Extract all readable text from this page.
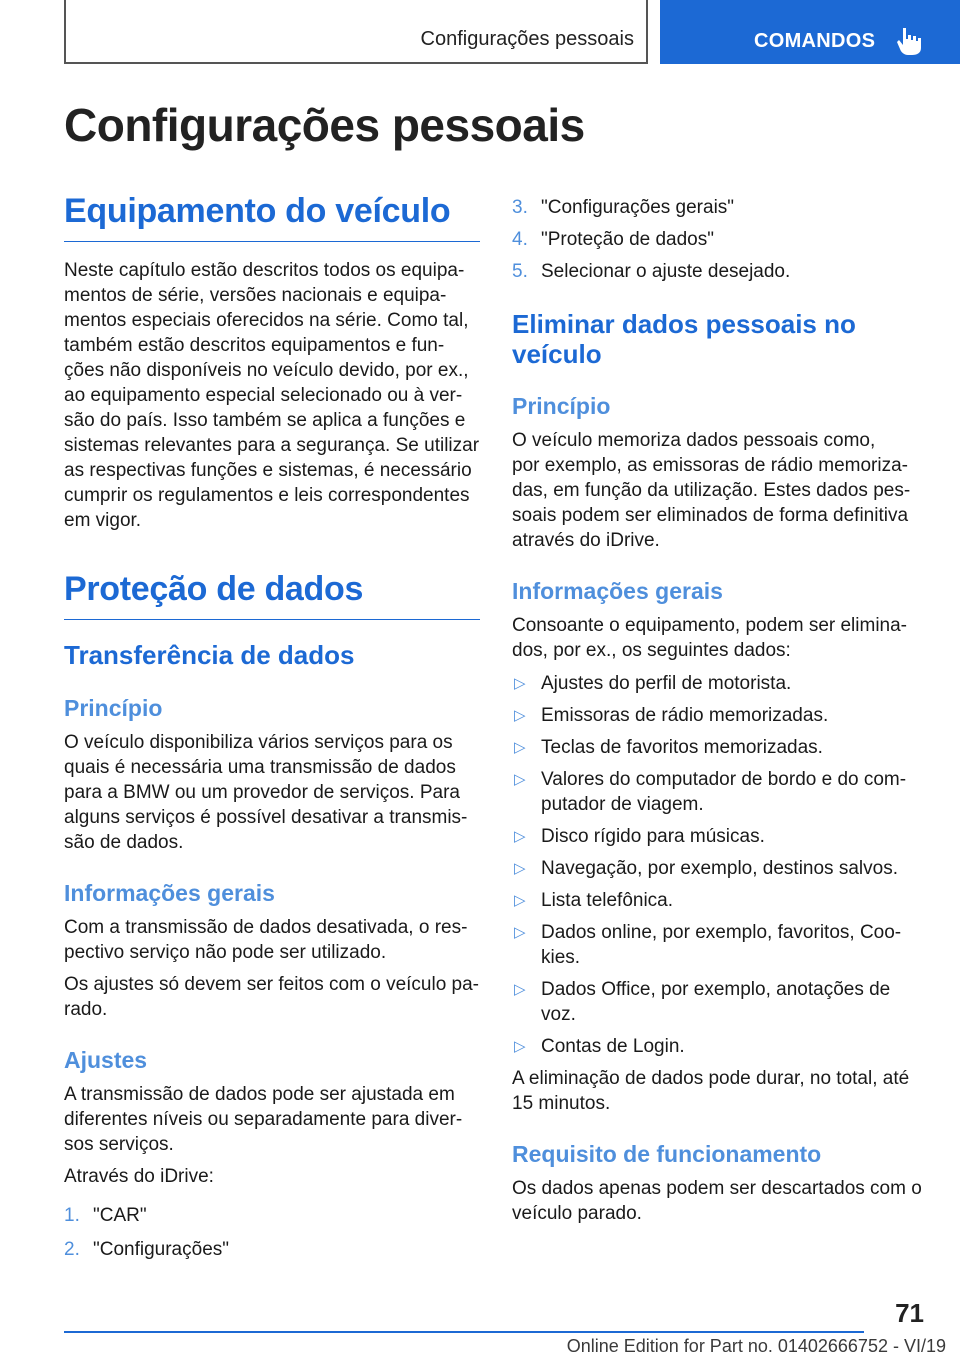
Configurações pessoais	COMANDOS
Configurações pessoais
Equipamento do veículo

Neste capítulo estão descritos todos os equipa-

mentos de série, versões nacionais e equipa-

mentos especiais oferecidos na série. Como tal,

também estão descritos equipamentos e fun-

ções não disponíveis no veículo devido, por ex.,

ao equipamento especial selecionado ou à ver-

são do país. Isso também se aplica a funções e

sistemas relevantes para a segurança. Se utilizar

as respectivas funções e sistemas, é necessário

cumprir os regulamentos e leis correspondentes

em vigor.

Proteção de dados
Transferência de dados
Princípio

O veículo disponibiliza vários serviços para os

quais é necessária uma transmissão de dados

para a BMW ou um provedor de serviços. Para

alguns serviços é possível desativar a transmis-

são de dados.

Informações gerais

Com a transmissão de dados desativada, o res-

pectivo serviço não pode ser utilizado.

Os ajustes só devem ser feitos com o veículo pa-

rado.

Ajustes

A transmissão de dados pode ser ajustada em

diferentes níveis ou separadamente para diver-

sos serviços.

Através do iDrive:

1. "CAR"
2. "Configurações"
3. "Configurações gerais"
4. "Proteção de dados"
5. Selecionar o ajuste desejado.
Eliminar dados pessoais no
veículo
Princípio

O veículo memoriza dados pessoais como,

por exemplo, as emissoras de rádio memoriza-

das, em função da utilização. Estes dados pes-

soais podem ser eliminados de forma definitiva

através do iDrive.

Informações gerais

Consoante o equipamento, podem ser elimina-

dos, por ex., os seguintes dados:

▷ Ajustes do perfil de motorista.
▷ Emissoras de rádio memorizadas.
▷ Teclas de favoritos memorizadas.
▷ Valores do computador de bordo e do com-
putador de viagem.
▷ Disco rígido para músicas.
▷ Navegação, por exemplo, destinos salvos.
▷ Lista telefônica.
▷ Dados online, por exemplo, favoritos, Coo-
kies.
▷ Dados Office, por exemplo, anotações de
voz.
▷ Contas de Login.

A eliminação de dados pode durar, no total, até

15 minutos.

Requisito de funcionamento

Os dados apenas podem ser descartados com o

veículo parado.

71
Online Edition for Part no. 01402666752 - VI/19
